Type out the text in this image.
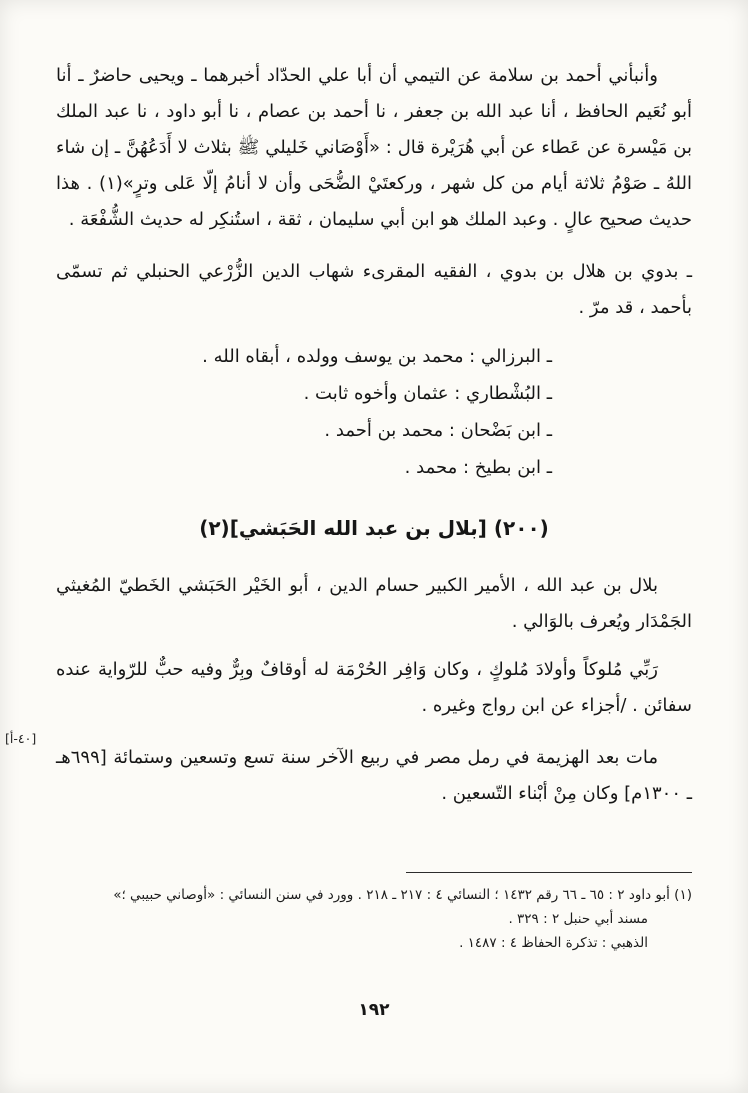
وأنبأني أحمد بن سلامة عن التيمي أن أبا علي الحدّاد أخبرهما ـ ويحيى حاضرٌ ـ أنا أبو نُعَيم الحافظ ، أنا عبد الله بن جعفر ، نا أحمد بن عصام ، نا أبو داود ، نا عبد الملك بن مَيْسرة عن عَطاء عن أبي هُرَيْرة قال : «أَوْصَاني خَليلي ﷺ بثلاث لا أَدَعُهُنَّ ـ إن شاء اللهُ ـ صَوْمُ ثلاثة أيام من كل شهر ، وركعتَيْ الضُّحَى وأن لا أنامُ إلّا عَلى وترٍ»(١) . هذا حديث صحيح عالٍ . وعبد الملك هو ابن أبي سليمان ، ثقة ، استُنكِر له حديث الشُّفْعَة .

ـ بدوي بن هلال بن بدوي ، الفقيه المقرىء شهاب الدين الزُّرْعي الحنبلي ثم تسمّى بأحمد ، قد مرّ .

ـ البرزالي : محمد بن يوسف وولده ، أبقاه الله .

ـ البُشْطاري : عثمان وأخوه ثابت .

ـ ابن بَضْحان : محمد بن أحمد .

ـ ابن بطيخ : محمد .

(٢٠٠) [بلال بن عبد الله الحَبَشي](٢)

بلال بن عبد الله ، الأمير الكبير حسام الدين ، أبو الخَيْر الحَبَشي الخَطيّ المُغيثي الجَمْدَار ويُعرف بالوَالي .

رَبِّي مُلوكاً وأولادَ مُلوكٍ ، وكان وَافِر الحُرْمَة له أوقافٌ وبِرٌّ وفيه حبٌّ للرّواية عنده سفائن . /أجزاء عن ابن رواج وغيره .

مات بعد الهزيمة في رمل مصر في ربيع الآخر سنة تسع وتسعين وستمائة [٦٩٩هـ ـ ١٣٠٠م] وكان مِنْ أبْناء التّسعين .

[٤٠-أ]

(١) أبو داود ٢ : ٦٥ ـ ٦٦ رقم ١٤٣٢ ؛ النسائي ٤ : ٢١٧ ـ ٢١٨ . وورد في سنن النسائي : «أوصاني حبيبي ؛»

مسند أبي حنبل ٢ : ٣٢٩ .

الذهبي : تذكرة الحفاظ ٤ : ١٤٨٧ .

١٩٢
